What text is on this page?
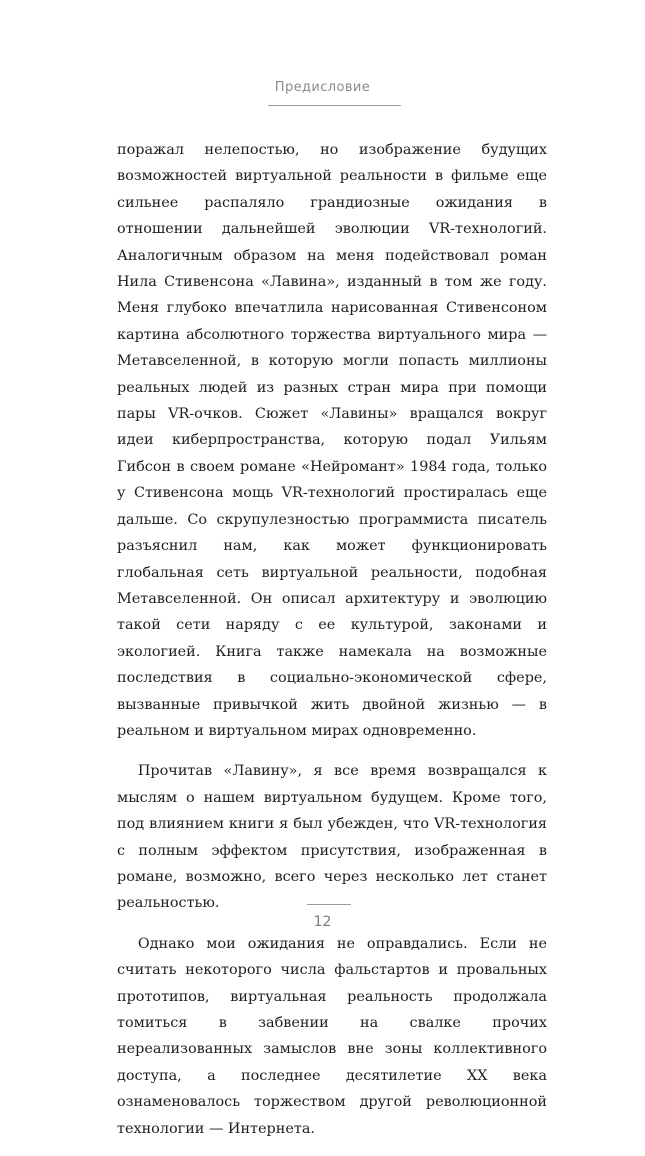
Предисловие

поражал нелепостью, но изображение будущих возможностей виртуальной реальности в фильме еще сильнее распаляло грандиозные ожидания в отношении дальнейшей эволюции VR-технологий. Аналогичным образом на меня подействовал роман Нила Стивенсона «Лавина», изданный в том же году. Меня глубоко впечатлила нарисованная Стивенсоном картина абсолютного торжества виртуального мира — Метавселенной, в которую могли попасть миллионы реальных людей из разных стран мира при помощи пары VR-очков. Сюжет «Лавины» вращался вокруг идеи киберпространства, которую подал Уильям Гибсон в своем романе «Нейромант» 1984 года, только у Стивенсона мощь VR-технологий простиралась еще дальше. Со скрупулезностью программиста писатель разъяснил нам, как может функционировать глобальная сеть виртуальной реальности, подобная Метавселенной. Он описал архитектуру и эволюцию такой сети наряду с ее культурой, законами и экологией. Книга также намекала на возможные последствия в социально-экономической сфере, вызванные привычкой жить двойной жизнью — в реальном и виртуальном мирах одновременно.

Прочитав «Лавину», я все время возвращался к мыслям о нашем виртуальном будущем. Кроме того, под влиянием книги я был убежден, что VR-технология с полным эффектом присутствия, изображенная в романе, возможно, всего через несколько лет станет реальностью.

Однако мои ожидания не оправдались. Если не считать некоторого числа фальстартов и провальных прототипов, виртуальная реальность продолжала томиться в забвении на свалке прочих нереализованных замыслов вне зоны коллективного доступа, а последнее десятилетие XX века ознаменовалось торжеством другой революционной технологии — Интернета.

12
